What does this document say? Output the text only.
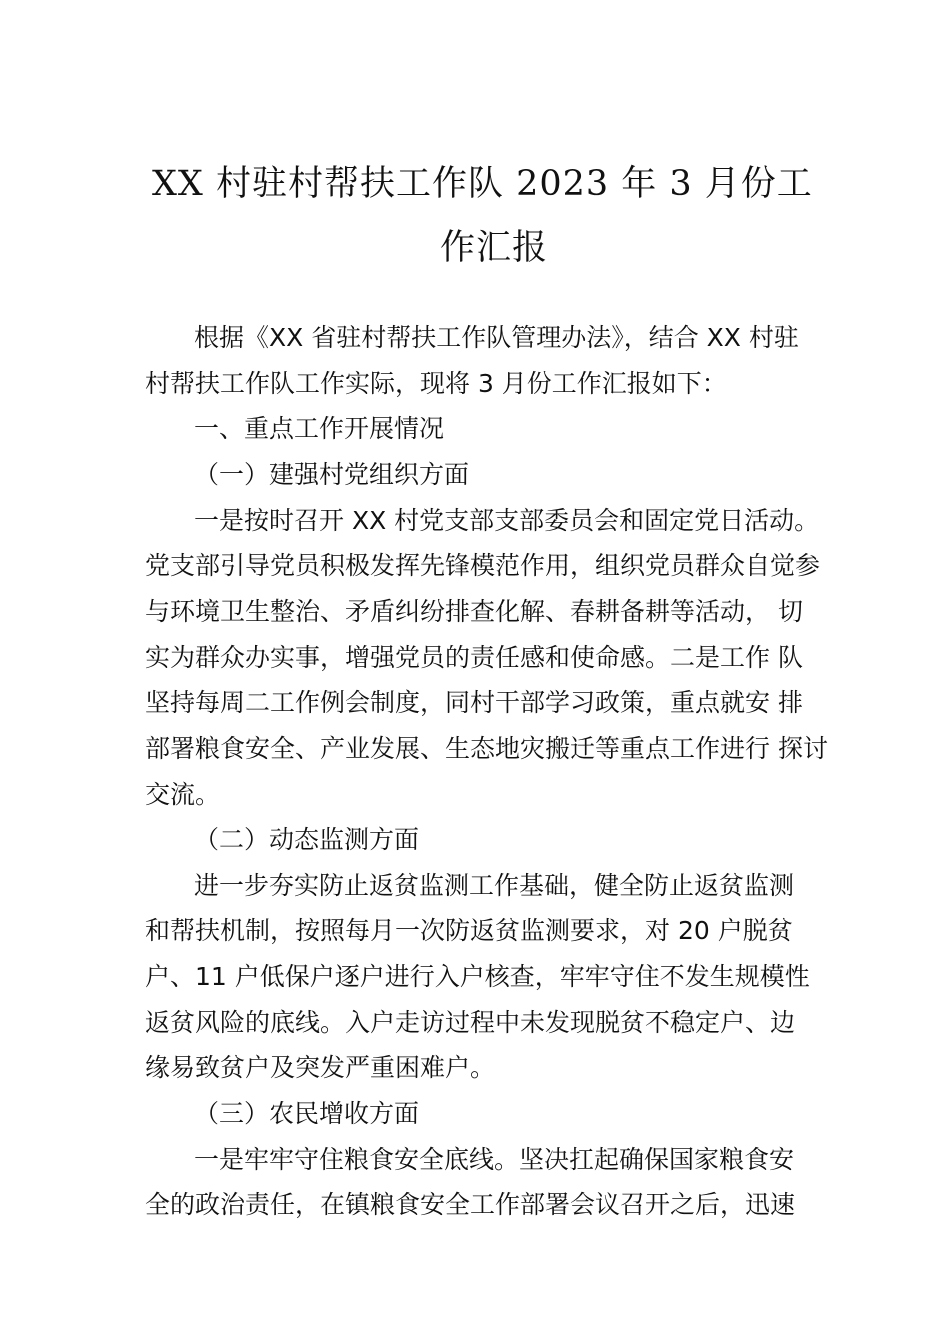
XX 村驻村帮扶工作队 2023 年 3 月份工
作汇报
根据《XX 省驻村帮扶工作队管理办法》，结合 XX 村驻
村帮扶工作队工作实际，现将 3 月份工作汇报如下：
一、重点工作开展情况
（一）建强村党组织方面
一是按时召开 XX 村党支部支部委员会和固定党日活动。
党支部引导党员积极发挥先锋模范作用，组织党员群众自觉参
与环境卫生整治、矛盾纠纷排查化解、春耕备耕等活动， 切
实为群众办实事，增强党员的责任感和使命感。二是工作 队
坚持每周二工作例会制度，同村干部学习政策，重点就安 排
部署粮食安全、产业发展、生态地灾搬迁等重点工作进行 探讨
交流。
（二）动态监测方面
进一步夯实防止返贫监测工作基础，健全防止返贫监测
和帮扶机制，按照每月一次防返贫监测要求，对 20 户脱贫
户、11 户低保户逐户进行入户核查，牢牢守住不发生规模性
返贫风险的底线。入户走访过程中未发现脱贫不稳定户、边
缘易致贫户及突发严重困难户。
（三）农民增收方面
一是牢牢守住粮食安全底线。坚决扛起确保国家粮食安
全的政治责任，在镇粮食安全工作部署会议召开之后，迅速
